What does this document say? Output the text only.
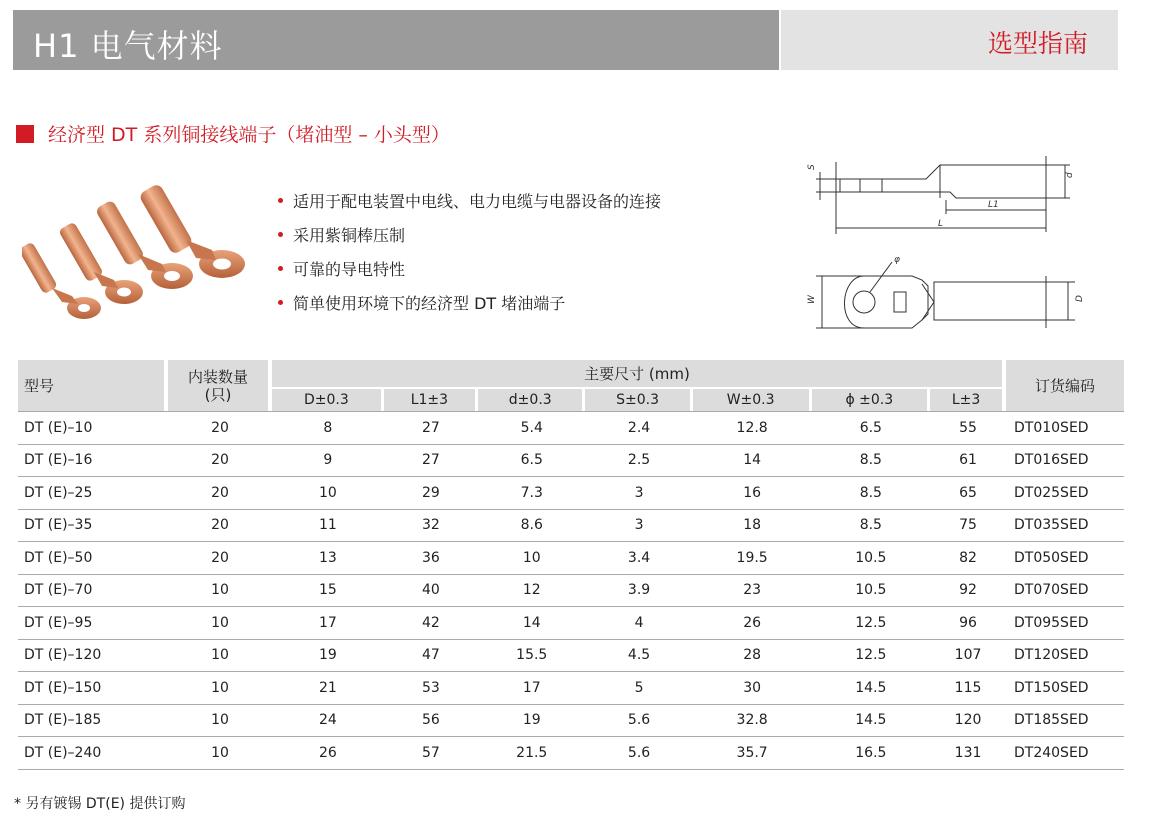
H1 电气材料	选型指南
经济型 DT 系列铜接线端子（堵油型 – 小头型）
适用于配电装置中电线、电力电缆与电器设备的连接
采用紫铜棒压制
可靠的导电特性
简单使用环境下的经济型 DT 堵油端子
S
d
L1
L
φ
W	D
型号	内装数量
(只)	主要尺寸 (mm)							订货编码
		D±0.3	L1±3	d±0.3	S±0.3	W±0.3	ϕ ±0.3	L±3	
DT (E)–10	20	8	27	5.4	2.4	12.8	6.5	55	DT010SED
DT (E)–16	20	9	27	6.5	2.5	14	8.5	61	DT016SED
DT (E)–25	20	10	29	7.3	3	16	8.5	65	DT025SED
DT (E)–35	20	11	32	8.6	3	18	8.5	75	DT035SED
DT (E)–50	20	13	36	10	3.4	19.5	10.5	82	DT050SED
DT (E)–70	10	15	40	12	3.9	23	10.5	92	DT070SED
DT (E)–95	10	17	42	14	4	26	12.5	96	DT095SED
DT (E)–120	10	19	47	15.5	4.5	28	12.5	107	DT120SED
DT (E)–150	10	21	53	17	5	30	14.5	115	DT150SED
DT (E)–185	10	24	56	19	5.6	32.8	14.5	120	DT185SED
DT (E)–240	10	26	57	21.5	5.6	35.7	16.5	131	DT240SED
* 另有镀锡 DT(E) 提供订购
